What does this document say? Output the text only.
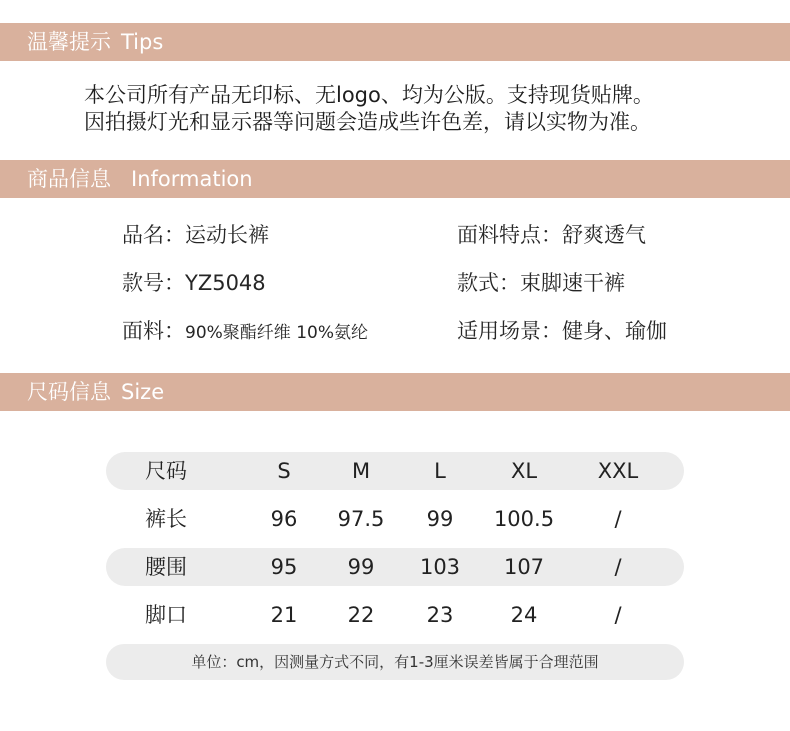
温馨提示 Tips
本公司所有产品无印标、无logo、均为公版。支持现货贴牌。
因拍摄灯光和显示器等问题会造成些许色差，请以实物为准。
商品信息 Information
品名：运动长裤	面料特点：舒爽透气
款号：YZ5048	款式：束脚速干裤
面料：90%聚酯纤维 10%氨纶	适用场景：健身、瑜伽
尺码信息 Size
尺码	S	M	L	XL	XXL
裤长	96	97.5	99	100.5	/
腰围	95	99	103	107	/
脚口	21	22	23	24	/
单位：cm，因测量方式不同，有1-3厘米误差皆属于合理范围
